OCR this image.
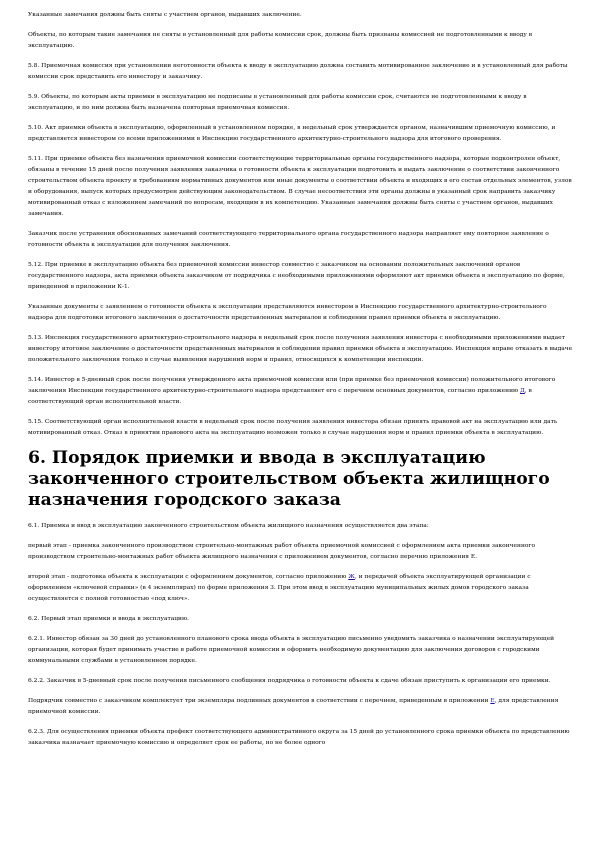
Указанные замечания должны быть сняты с участием органов, выдавших заключение.

Объекты, по которым такие замечания не сняты в установленный для работы комиссии срок, должны быть признаны комиссией не подготовленными к вводу в эксплуатацию.

5.8. Приемочная комиссия при установлении неготовности объекта к вводу в эксплуатацию должна составить мотивированное заключение и в установленный для работы комиссии срок представить его инвестору и заказчику.

5.9. Объекты, по которым акты приемки в эксплуатацию не подписаны в установленный для работы комиссии срок, считаются не подготовленными к вводу в эксплуатацию, и по ним должна быть назначена повторная приемочная комиссия.

5.10. Акт приемки объекта в эксплуатацию, оформленный в установленном порядке, в недельный срок утверждается органом, назначившим приемочную комиссию, и представляется инвестором со всеми приложениями в Инспекцию государственного архитектурно-строительного надзора для итогового проверения.

5.11. При приемке объекта без назначения приемочной комиссии соответствующие территориальные органы государственного надзора, которые подконтролен объект, обязаны в течение 15 дней после получения заявления заказчика о готовности объекта к эксплуатации подготовить и выдать заключение о соответствии законченного строительством объекта проекту и требованиям нормативных документов или иные документы о соответствии объекта и входящих в его состав отдельных элементов, узлов и оборудования, выпуск которых предусмотрен действующим законодательством. В случае несоответствия эти органы должны в указанный срок направить заказчику мотивированный отказ с изложением замечаний по вопросам, входящим в их компетенцию. Указанные замечания должны быть сняты с участием органов, выдавших замечания.

Заказчик после устранения обоснованных замечаний соответствующего территориального органа государственного надзора направляет ему повторное заявление о готовности объекта к эксплуатации для получения заключения.

5.12. При приемке в эксплуатацию объекта без приемочной комиссии инвестор совместно с заказчиком на основании положительных заключений органов государственного надзора, акта приемки объекта заказчиком от подрядчика с необходимыми приложениями оформляют акт приемки объекта в эксплуатацию по форме, приведенной в приложении К-1.

Указанные документы с заявлением о готовности объекта к эксплуатации представляются инвестором в Инспекцию государственного архитектурно-строительного надзора для подготовки итогового заключения о достаточности представленных материалов и соблюдении правил приемки объекта в эксплуатацию.

5.13. Инспекция государственного архитектурно-строительного надзора в недельный срок после получения заявления инвестора с необходимыми приложениями выдает инвестору итоговое заключение о достаточности представленных материалов и соблюдении правил приемки объекта в эксплуатацию. Инспекция вправе отказать в выдаче положительного заключения только в случае выявления нарушений норм и правил, относящихся к компетенции инспекции.

5.14. Инвестор в 5-дневный срок после получения утвержденного акта приемочной комиссии или (при приемке без приемочной комиссии) положительного итогового заключения Инспекции государственного архитектурно-строительного надзора представляет его с перечнем основных документов, согласно приложению Д, в соответствующий орган исполнительной власти.

5.15. Соответствующий орган исполнительной власти в недельный срок после получения заявления инвестора обязан принять правовой акт на эксплуатацию или дать мотивированный отказ. Отказ в принятии правового акта на эксплуатацию возможен только в случае нарушения норм и правил приемки объекта в эксплуатацию.

6. Порядок приемки и ввода в эксплуатацию законченного строительством объекта жилищного назначения городского заказа

6.1. Приемка и ввод в эксплуатацию законченного строительством объекта жилищного назначения осуществляется два этапа:

первый этап - приемка законченного производством строительно-монтажных работ объекта приемочной комиссией с оформлением акта приемки законченного производством строительно-монтажных работ объекта жилищного назначения с приложением документов, согласно перечню приложения Е.

второй этап - подготовка объекта к эксплуатации с оформлением документов, согласно приложению Ж, и передачей объекта эксплуатирующей организации с оформлением «ключевой справки» (в 4 экземплярах) по форме приложения 3. При этом ввод в эксплуатацию муниципальных жилых домов городского заказа осуществляется с полной готовностью «под ключ».

6.2. Первый этап приемки и ввода в эксплуатацию.

6.2.1. Инвестор обязан за 30 дней до установленного планового срока ввода объекта в эксплуатацию письменно уведомить заказчика о назначении эксплуатирующей организации, которая будет принимать участие в работе приемочной комиссии и оформить необходимую документацию для заключения договоров с городскими коммунальными службами в установленном порядке.

6.2.2. Заказчик в 5-дневный срок после получения письменного сообщения подрядчика о готовности объекта к сдаче обязан приступить к организации его приемки.

Подрядчик совместно с заказчиком комплектует три экземпляра подлинных документов в соответствии с перечнем, приведенным в приложении Е, для представления приемочной комиссии.

6.2.3. Для осуществления приемки объекта префект соответствующего административного округа за 15 дней до установленного срока приемки объекта по представлению заказчика назначает приемочную комиссию и определяет срок ее работы, но не более одного
